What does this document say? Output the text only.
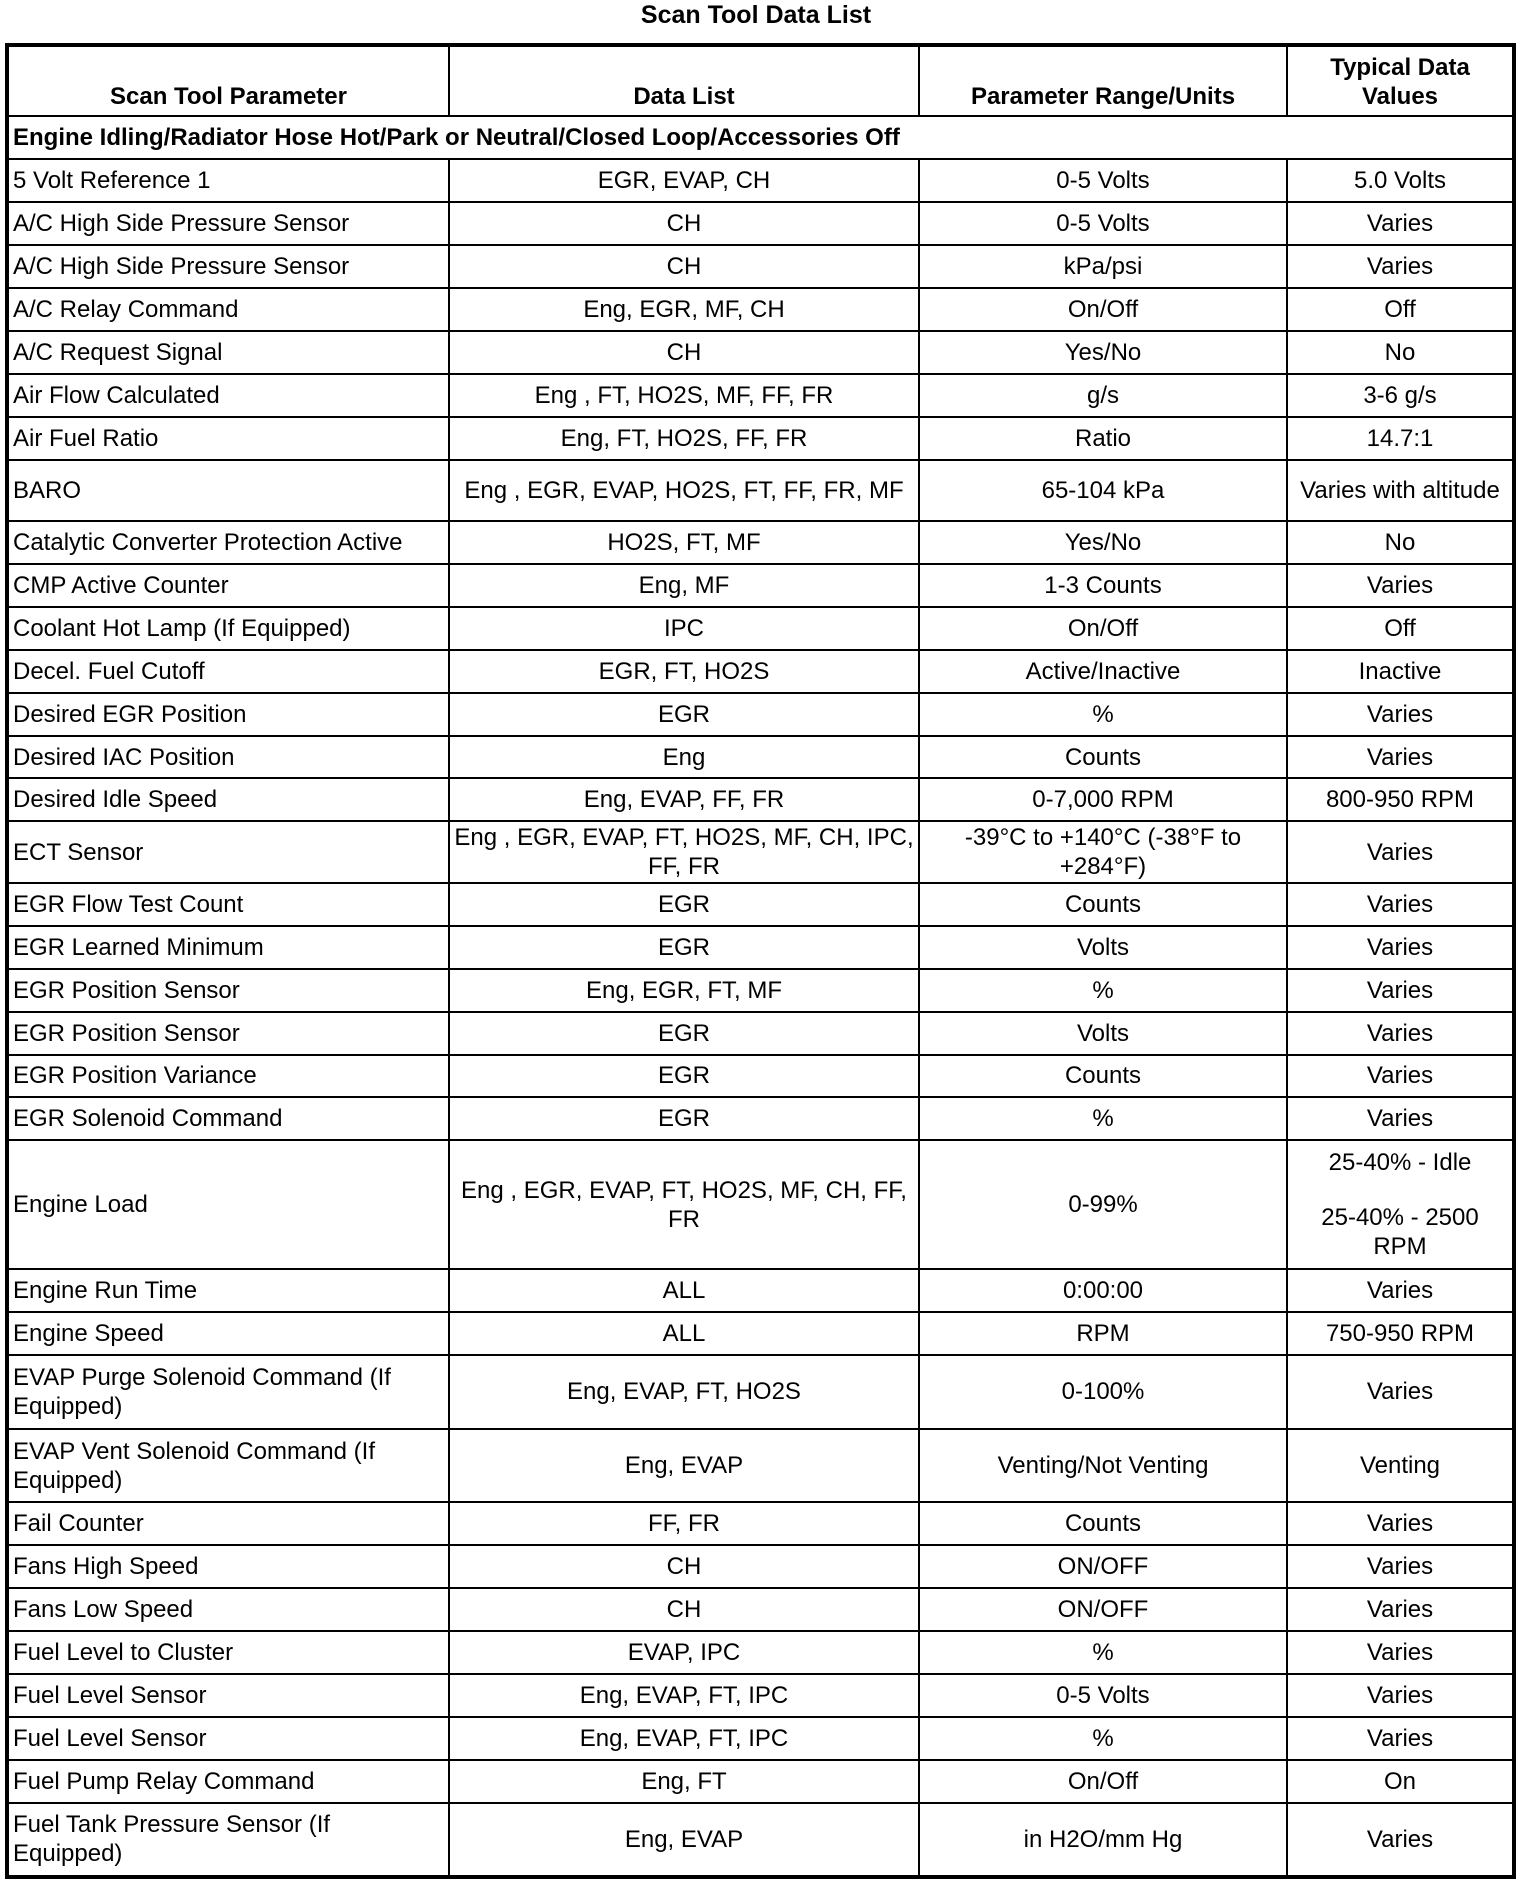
Scan Tool Data List
Scan Tool Parameter	Data List	Parameter Range/Units	Typical Data Values
Engine Idling/Radiator Hose Hot/Park or Neutral/Closed Loop/Accessories Off			
5 Volt Reference 1	EGR, EVAP, CH	0-5 Volts	5.0 Volts
A/C High Side Pressure Sensor	CH	0-5 Volts	Varies
A/C High Side Pressure Sensor	CH	kPa/psi	Varies
A/C Relay Command	Eng, EGR, MF, CH	On/Off	Off
A/C Request Signal	CH	Yes/No	No
Air Flow Calculated	Eng , FT, HO2S, MF, FF, FR	g/s	3-6 g/s
Air Fuel Ratio	Eng, FT, HO2S, FF, FR	Ratio	14.7:1
BARO	Eng , EGR, EVAP, HO2S, FT, FF, FR, MF	65-104 kPa	Varies with altitude
Catalytic Converter Protection Active	HO2S, FT, MF	Yes/No	No
CMP Active Counter	Eng, MF	1-3 Counts	Varies
Coolant Hot Lamp (If Equipped)	IPC	On/Off	Off
Decel. Fuel Cutoff	EGR, FT, HO2S	Active/Inactive	Inactive
Desired EGR Position	EGR	%	Varies
Desired IAC Position	Eng	Counts	Varies
Desired Idle Speed	Eng, EVAP, FF, FR	0-7,000 RPM	800-950 RPM
ECT Sensor	Eng , EGR, EVAP, FT, HO2S, MF, CH, IPC, FF, FR	-39°C to +140°C (-38°F to +284°F)	Varies
EGR Flow Test Count	EGR	Counts	Varies
EGR Learned Minimum	EGR	Volts	Varies
EGR Position Sensor	Eng, EGR, FT, MF	%	Varies
EGR Position Sensor	EGR	Volts	Varies
EGR Position Variance	EGR	Counts	Varies
EGR Solenoid Command	EGR	%	Varies
Engine Load	Eng , EGR, EVAP, FT, HO2S, MF, CH, FF, FR	0-99%	25-40% - Idle
25-40% - 2500 RPM

Engine Run Time	ALL	0:00:00	Varies
Engine Speed	ALL	RPM	750-950 RPM
EVAP Purge Solenoid Command (If Equipped)	Eng, EVAP, FT, HO2S	0-100%	Varies
EVAP Vent Solenoid Command (If Equipped)	Eng, EVAP	Venting/Not Venting	Venting
Fail Counter	FF, FR	Counts	Varies
Fans High Speed	CH	ON/OFF	Varies
Fans Low Speed	CH	ON/OFF	Varies
Fuel Level to Cluster	EVAP, IPC	%	Varies
Fuel Level Sensor	Eng, EVAP, FT, IPC	0-5 Volts	Varies
Fuel Level Sensor	Eng, EVAP, FT, IPC	%	Varies
Fuel Pump Relay Command	Eng, FT	On/Off	On
Fuel Tank Pressure Sensor (If Equipped)	Eng, EVAP	in H2O/mm Hg	Varies
